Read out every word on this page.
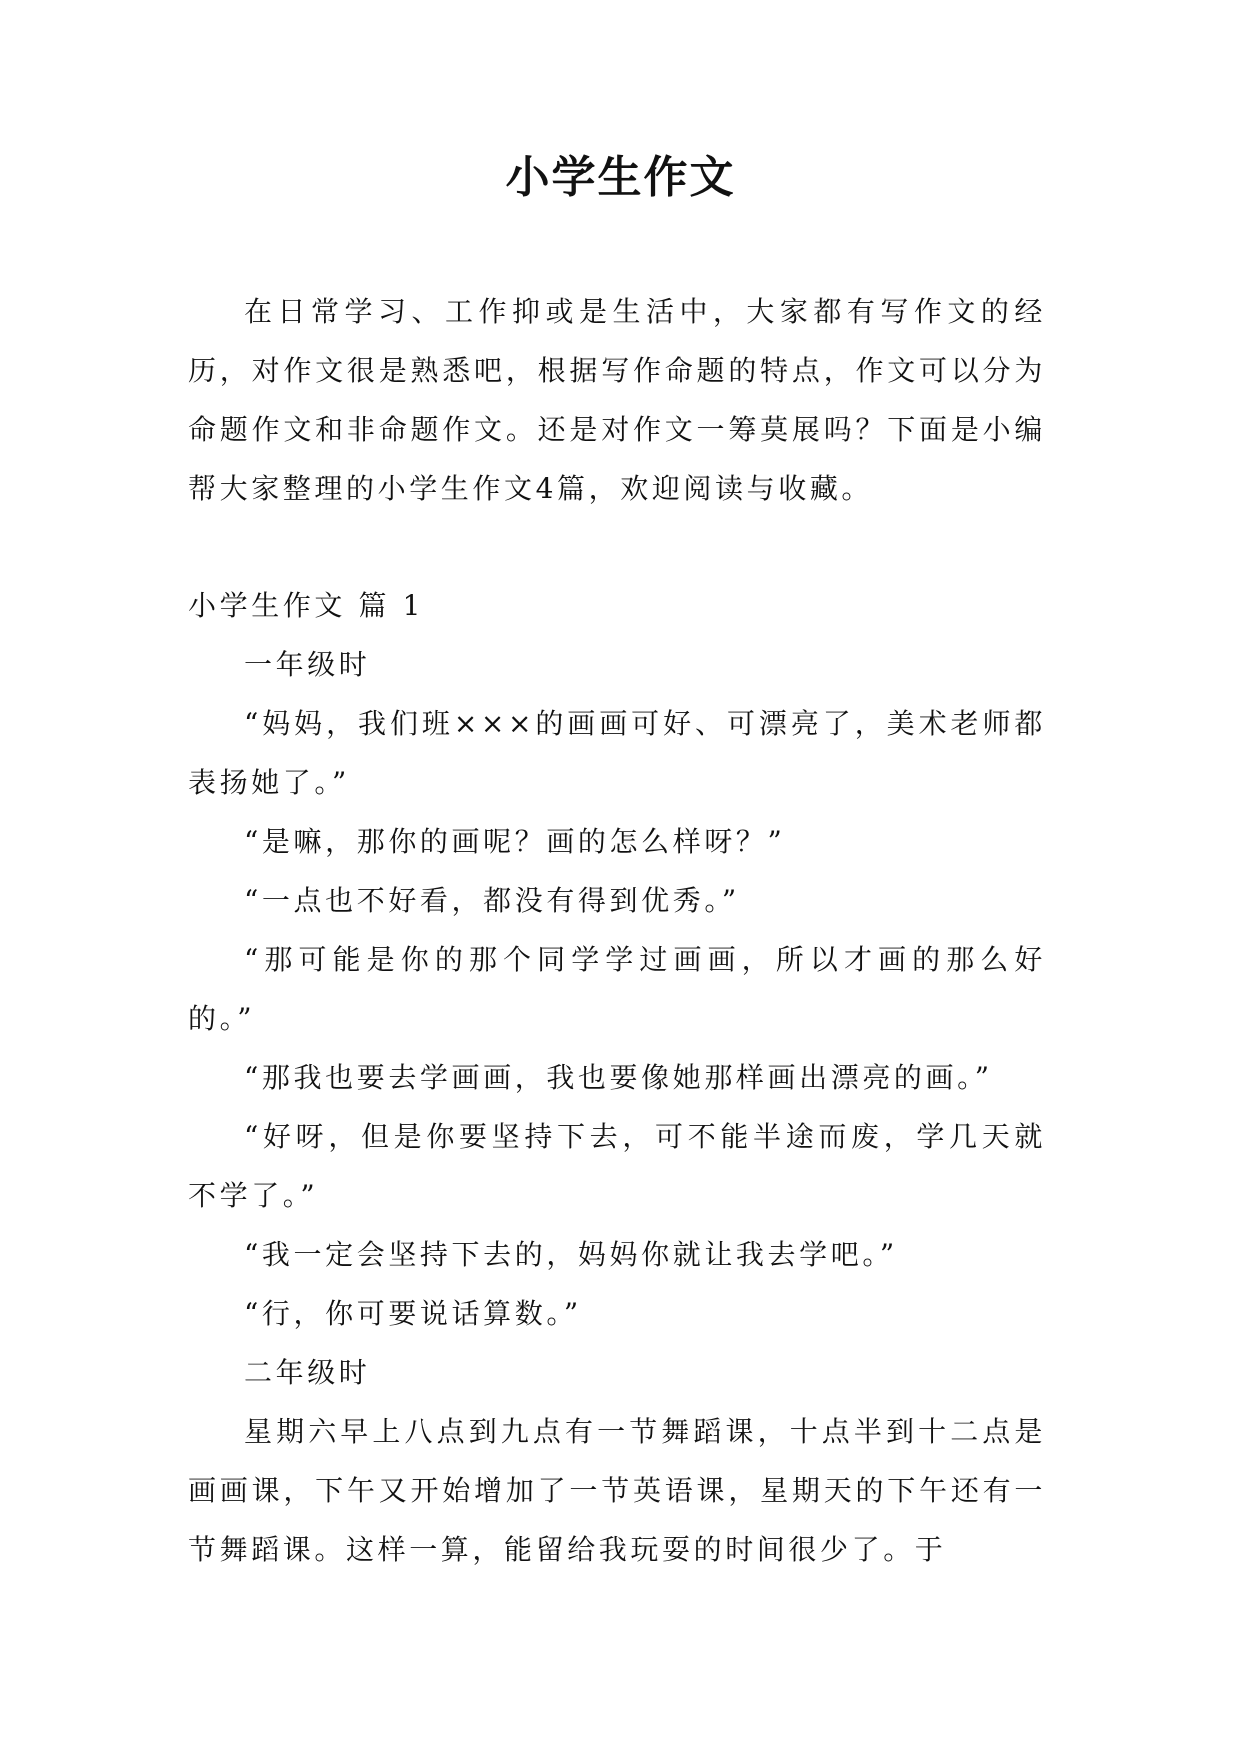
小学生作文

在日常学习、工作抑或是生活中，大家都有写作文的经历，对作文很是熟悉吧，根据写作命题的特点，作文可以分为命题作文和非命题作文。还是对作文一筹莫展吗？下面是小编帮大家整理的小学生作文4篇，欢迎阅读与收藏。

小学生作文 篇 1

一年级时

“妈妈，我们班×××的画画可好、可漂亮了，美术老师都表扬她了。”

“是嘛，那你的画呢？画的怎么样呀？”

“一点也不好看，都没有得到优秀。”

“那可能是你的那个同学学过画画，所以才画的那么好的。”

“那我也要去学画画，我也要像她那样画出漂亮的画。”

“好呀，但是你要坚持下去，可不能半途而废，学几天就不学了。”

“我一定会坚持下去的，妈妈你就让我去学吧。”

“行，你可要说话算数。”

二年级时

星期六早上八点到九点有一节舞蹈课，十点半到十二点是画画课，下午又开始增加了一节英语课，星期天的下午还有一节舞蹈课。这样一算，能留给我玩耍的时间很少了。于
